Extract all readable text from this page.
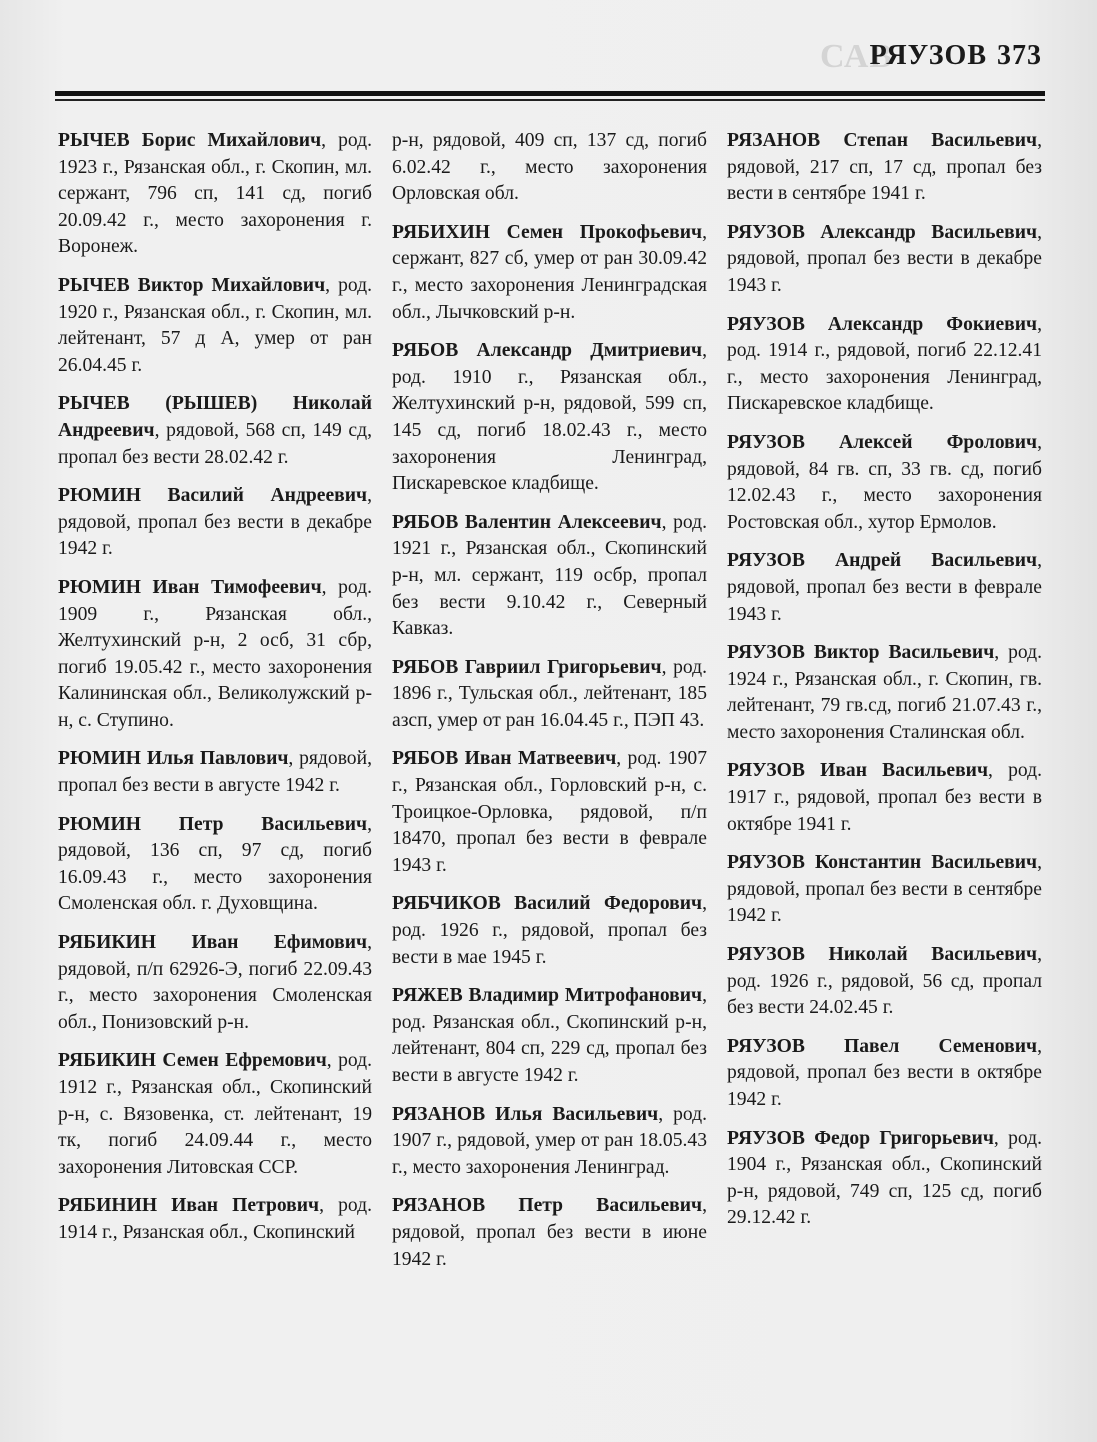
САВ
РЯУЗОВ 373

РЫЧЕВ Борис Михайлович, род. 1923 г., Рязанская обл., г. Скопин, мл. сержант, 796 сп, 141 сд, погиб 20.09.42 г., место захоронения г. Воронеж.

РЫЧЕВ Виктор Михайлович, род. 1920 г., Рязанская обл., г. Скопин, мл. лейтенант, 57 д А, умер от ран 26.04.45 г.

РЫЧЕВ (РЫШЕВ) Николай Андреевич, рядовой, 568 сп, 149 сд, пропал без вести 28.02.42 г.

РЮМИН Василий Андреевич, рядовой, пропал без вести в декабре 1942 г.

РЮМИН Иван Тимофеевич, род. 1909 г., Рязанская обл., Желтухинский р-н, 2 осб, 31 сбр, погиб 19.05.42 г., место захоронения Калининская обл., Великолужский р-н, с. Ступино.

РЮМИН Илья Павлович, рядовой, пропал без вести в августе 1942 г.

РЮМИН Петр Васильевич, рядовой, 136 сп, 97 сд, погиб 16.09.43 г., место захоронения Смоленская обл. г. Духовщина.

РЯБИКИН Иван Ефимович, рядовой, п/п 62926-Э, погиб 22.09.43 г., место захоронения Смоленская обл., Понизовский р-н.

РЯБИКИН Семен Ефремович, род. 1912 г., Рязанская обл., Скопинский р-н, с. Вязовенка, ст. лейтенант, 19 тк, погиб 24.09.44 г., место захоронения Литовская ССР.

РЯБИНИН Иван Петрович, род. 1914 г., Рязанская обл., Скопинский

р-н, рядовой, 409 сп, 137 сд, погиб 6.02.42 г., место захоронения Орловская обл.

РЯБИХИН Семен Прокофьевич, сержант, 827 сб, умер от ран 30.09.42 г., место захоронения Ленинградская обл., Лычковский р-н.

РЯБОВ Александр Дмитриевич, род. 1910 г., Рязанская обл., Желтухинский р-н, рядовой, 599 сп, 145 сд, погиб 18.02.43 г., место захоронения Ленинград, Пискаревское кладбище.

РЯБОВ Валентин Алексеевич, род. 1921 г., Рязанская обл., Скопинский р-н, мл. сержант, 119 осбр, пропал без вести 9.10.42 г., Северный Кавказ.

РЯБОВ Гавриил Григорьевич, род. 1896 г., Тульская обл., лейтенант, 185 азсп, умер от ран 16.04.45 г., ПЭП 43.

РЯБОВ Иван Матвеевич, род. 1907 г., Рязанская обл., Горловский р-н, с. Троицкое-Орловка, рядовой, п/п 18470, пропал без вести в феврале 1943 г.

РЯБЧИКОВ Василий Федорович, род. 1926 г., рядовой, пропал без вести в мае 1945 г.

РЯЖЕВ Владимир Митрофанович, род. Рязанская обл., Скопинский р-н, лейтенант, 804 сп, 229 сд, пропал без вести в августе 1942 г.

РЯЗАНОВ Илья Васильевич, род. 1907 г., рядовой, умер от ран 18.05.43 г., место захоронения Ленинград.

РЯЗАНОВ Петр Васильевич, рядовой, пропал без вести в июне 1942 г.

РЯЗАНОВ Степан Васильевич, рядовой, 217 сп, 17 сд, пропал без вести в сентябре 1941 г.

РЯУЗОВ Александр Васильевич, рядовой, пропал без вести в декабре 1943 г.

РЯУЗОВ Александр Фокиевич, род. 1914 г., рядовой, погиб 22.12.41 г., место захоронения Ленинград, Пискаревское кладбище.

РЯУЗОВ Алексей Фролович, рядовой, 84 гв. сп, 33 гв. сд, погиб 12.02.43 г., место захоронения Ростовская обл., хутор Ермолов.

РЯУЗОВ Андрей Васильевич, рядовой, пропал без вести в феврале 1943 г.

РЯУЗОВ Виктор Васильевич, род. 1924 г., Рязанская обл., г. Скопин, гв. лейтенант, 79 гв.сд, погиб 21.07.43 г., место захоронения Сталинская обл.

РЯУЗОВ Иван Васильевич, род. 1917 г., рядовой, пропал без вести в октябре 1941 г.

РЯУЗОВ Константин Васильевич, рядовой, пропал без вести в сентябре 1942 г.

РЯУЗОВ Николай Васильевич, род. 1926 г., рядовой, 56 сд, пропал без вести 24.02.45 г.

РЯУЗОВ Павел Семенович, рядовой, пропал без вести в октябре 1942 г.

РЯУЗОВ Федор Григорьевич, род. 1904 г., Рязанская обл., Скопинский р-н, рядовой, 749 сп, 125 сд, погиб 29.12.42 г.
